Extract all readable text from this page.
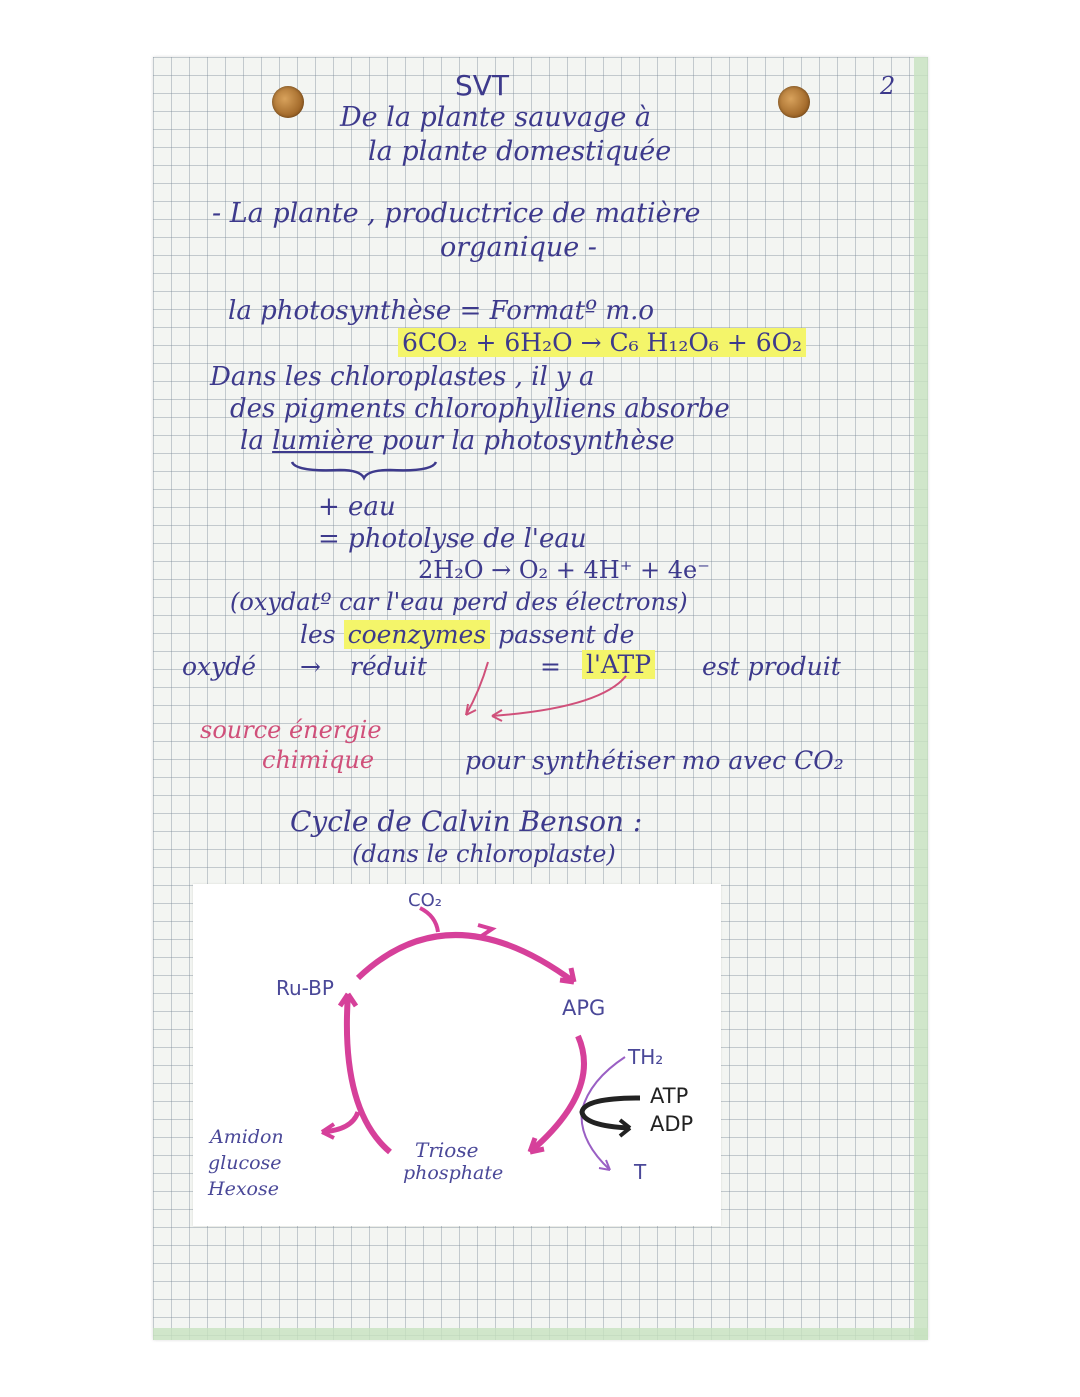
2

SVT

De la plante sauvage à

la plante domestiquée

- La plante , productrice de matière

organique -

la photosynthèse = Formatº m.o

6CO₂ + 6H₂O → C₆ H₁₂O₆ + 6O₂

Dans les chloroplastes , il y a

des pigments chlorophylliens absorbe

la lumière pour la photosynthèse

+ eau

= photolyse de l'eau

2H₂O → O₂ + 4H⁺ + 4e⁻

(oxydatº car l'eau perd des électrons)

les coenzymes passent de

oxydé → réduit	= l'ATP est produit

source énergie

chimique	pour synthétiser mo avec CO₂

Cycle de Calvin Benson :

(dans le chloroplaste)

CO₂

Ru-BP

APG

TH₂

ATP

ADP

T

Triose

phosphate

Amidon

glucose

Hexose
